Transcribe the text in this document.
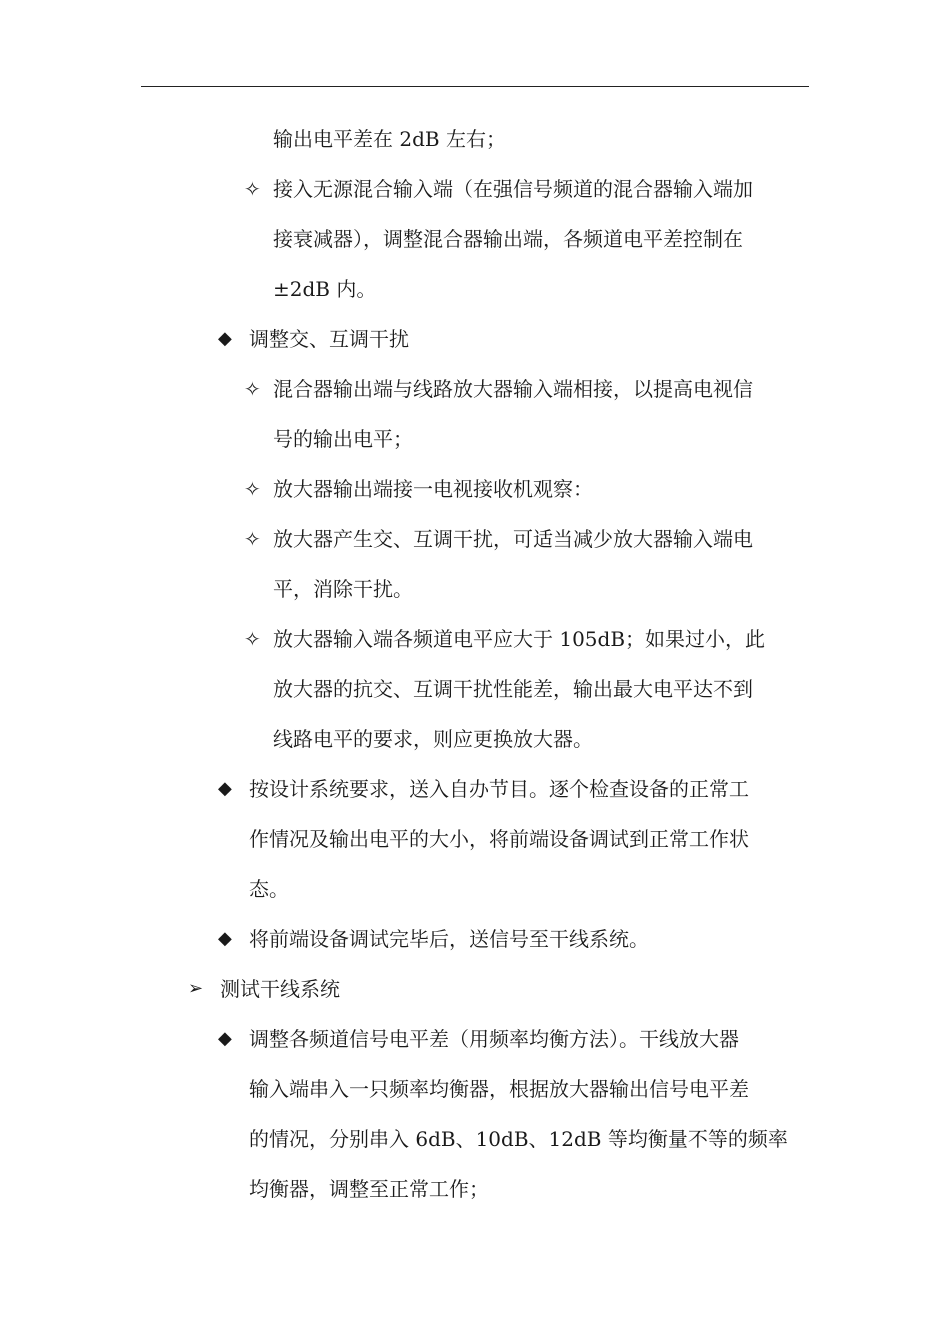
输出电平差在 2dB 左右；
✧ 接入无源混合输入端（在强信号频道的混合器输入端加
接衰减器），调整混合器输出端，各频道电平差控制在
±2dB 内。
◆ 调整交、互调干扰
✧ 混合器输出端与线路放大器输入端相接，以提高电视信
号的输出电平；
✧ 放大器输出端接一电视接收机观察：
✧ 放大器产生交、互调干扰，可适当减少放大器输入端电
平，消除干扰。
✧ 放大器输入端各频道电平应大于 105dB；如果过小，此
放大器的抗交、互调干扰性能差，输出最大电平达不到
线路电平的要求，则应更换放大器。
◆ 按设计系统要求，送入自办节目。逐个检查设备的正常工
作情况及输出电平的大小，将前端设备调试到正常工作状
态。
◆ 将前端设备调试完毕后，送信号至干线系统。
➢ 测试干线系统
◆ 调整各频道信号电平差（用频率均衡方法）。干线放大器
输入端串入一只频率均衡器，根据放大器输出信号电平差
的情况，分别串入 6dB、10dB、12dB 等均衡量不等的频率
均衡器，调整至正常工作；
